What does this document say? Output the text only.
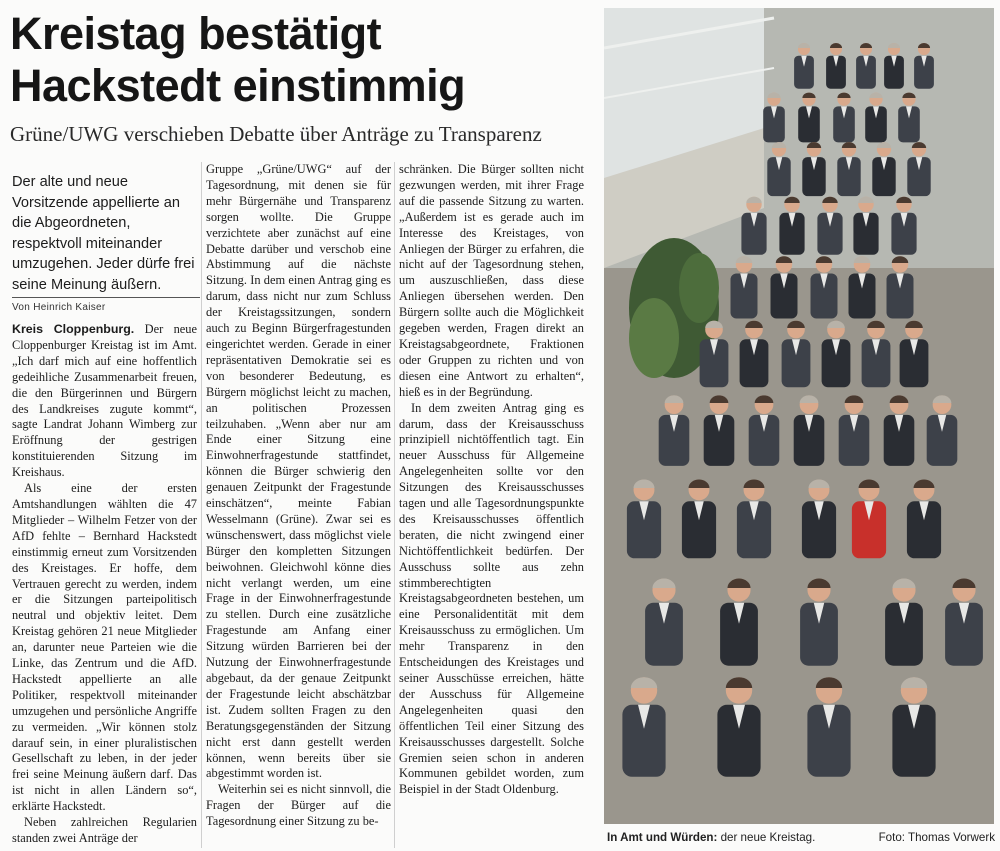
Kreistag bestätigt
Hackstedt einstimmig
Grüne/UWG verschieben Debatte über Anträge zu Transparenz
Der alte und neue Vorsitzende appellierte an die Abgeordneten, respektvoll miteinander umzugehen. Jeder dürfe frei seine Meinung äußern.
Von Heinrich Kaiser

Kreis Cloppenburg. Der neue Cloppenburger Kreistag ist im Amt. „Ich darf mich auf eine hoffentlich gedeihliche Zusammenarbeit freuen, die den Bürgerinnen und Bürgern des Landkreises zugute kommt“, sagte Landrat Johann Wimberg zur Eröffnung der gestrigen konstituierenden Sitzung im Kreishaus.

Als eine der ersten Amtshandlungen wählten die 47 Mitglieder – Wilhelm Fetzer von der AfD fehlte – Bernhard Hackstedt einstimmig erneut zum Vorsitzenden des Kreistages. Er hoffe, dem Vertrauen gerecht zu werden, indem er die Sitzungen parteipolitisch neutral und objektiv leitet. Dem Kreistag gehören 21 neue Mitglieder an, darunter neue Parteien wie die Linke, das Zentrum und die AfD. Hackstedt appellierte an alle Politiker, respektvoll miteinander umzugehen und persönliche Angriffe zu vermeiden. „Wir können stolz darauf sein, in einer pluralistischen Gesellschaft zu leben, in der jeder frei seine Meinung äußern darf. Das ist nicht in allen Ländern so“, erklärte Hackstedt.

Neben zahlreichen Regularien standen zwei Anträge der

Gruppe „Grüne/UWG“ auf der Tagesordnung, mit denen sie für mehr Bürgernähe und Transparenz sorgen wollte. Die Gruppe verzichtete aber zunächst auf eine Debatte darüber und verschob eine Abstimmung auf die nächste Sitzung. In dem einen Antrag ging es darum, dass nicht nur zum Schluss der Kreistagssitzungen, sondern auch zu Beginn Bürgerfragestunden eingerichtet werden. Gerade in einer repräsentativen Demokratie sei es von besonderer Bedeutung, es Bürgern möglichst leicht zu machen, an politischen Prozessen teilzuhaben. „Wenn aber nur am Ende einer Sitzung eine Einwohnerfragestunde stattfindet, können die Bürger schwierig den genauen Zeitpunkt der Fragestunde einschätzen“, meinte Fabian Wesselmann (Grüne). Zwar sei es wünschenswert, dass möglichst viele Bürger den kompletten Sitzungen beiwohnen. Gleichwohl könne dies nicht verlangt werden, um eine Frage in der Einwohnerfragestunde zu stellen. Durch eine zusätzliche Fragestunde am Anfang einer Sitzung würden Barrieren bei der Nutzung der Einwohnerfragestunde abgebaut, da der genaue Zeitpunkt der Fragestunde leicht abschätzbar ist. Zudem sollten Fragen zu den Beratungsgegenständen der Sitzung nicht erst dann gestellt werden können, wenn bereits über sie abgestimmt worden ist.

Weiterhin sei es nicht sinnvoll, die Fragen der Bürger auf die Tagesordnung einer Sitzung zu be-

schränken. Die Bürger sollten nicht gezwungen werden, mit ihrer Frage auf die passende Sitzung zu warten. „Außerdem ist es gerade auch im Interesse des Kreistages, von Anliegen der Bürger zu erfahren, die nicht auf der Tagesordnung stehen, um auszuschließen, dass diese Anliegen übersehen werden. Den Bürgern sollte auch die Möglichkeit gegeben werden, Fragen direkt an Kreistagsabgeordnete, Fraktionen oder Gruppen zu richten und von diesen eine Antwort zu erhalten“, hieß es in der Begründung.

In dem zweiten Antrag ging es darum, dass der Kreisausschuss prinzipiell nichtöffentlich tagt. Ein neuer Ausschuss für Allgemeine Angelegenheiten sollte vor den Sitzungen des Kreisausschusses tagen und alle Tagesordnungspunkte des Kreisausschusses öffentlich beraten, die nicht zwingend einer Nichtöffentlichkeit bedürfen. Der Ausschuss sollte aus zehn stimmberechtigten Kreistagsabgeordneten bestehen, um eine Personalidentität mit dem Kreisausschuss zu ermöglichen. Um mehr Transparenz in den Entscheidungen des Kreistages und seiner Ausschüsse erreichen, hätte der Ausschuss für Allgemeine Angelegenheiten quasi den öffentlichen Teil einer Sitzung des Kreisausschusses dargestellt. Solche Gremien seien schon in anderen Kommunen gebildet worden, zum Beispiel in der Stadt Oldenburg.

In Amt und Würden: der neue Kreistag.	Foto: Thomas Vorwerk
